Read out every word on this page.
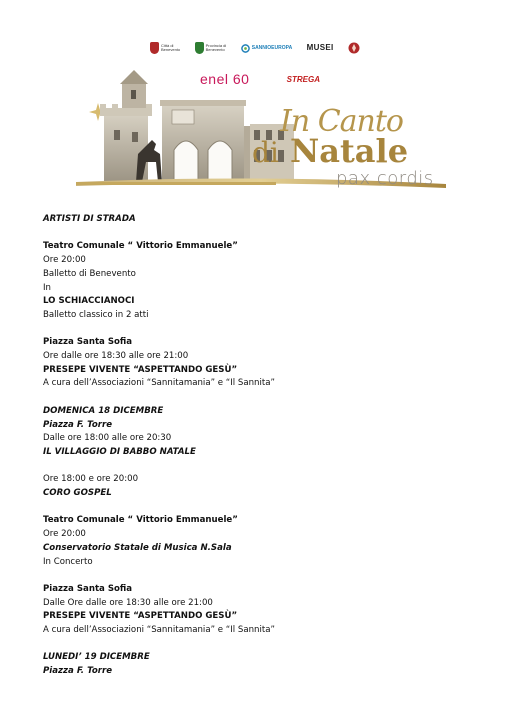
Città di
Benevento
Provincia di
Benevento	SANNIOEUROPA MUSEI
enel 60	STREGA
In Canto
di Natale
pax cordis
ARTISTI DI STRADA
Teatro Comunale “ Vittorio Emmanuele”
Ore 20:00
Balletto di Benevento
In
LO SCHIACCIANOCI
Balletto classico in 2 atti
Piazza Santa Sofia
Ore dalle ore 18:30 alle ore 21:00
PRESEPE VIVENTE “ASPETTANDO GESÙ”
A cura dell’Associazioni “Sannitamania” e “Il Sannita”
DOMENICA 18 DICEMBRE
Piazza F. Torre
Dalle ore 18:00 alle ore 20:30
IL VILLAGGIO DI BABBO NATALE
Ore 18:00 e ore 20:00
CORO GOSPEL
Teatro Comunale “ Vittorio Emmanuele”
Ore 20:00
Conservatorio Statale di Musica N.Sala
In Concerto
Piazza Santa Sofia
Dalle Ore dalle ore 18:30 alle ore 21:00
PRESEPE VIVENTE “ASPETTANDO GESÙ”
A cura dell’Associazioni “Sannitamania” e “Il Sannita”
LUNEDI’ 19 DICEMBRE
Piazza F. Torre
